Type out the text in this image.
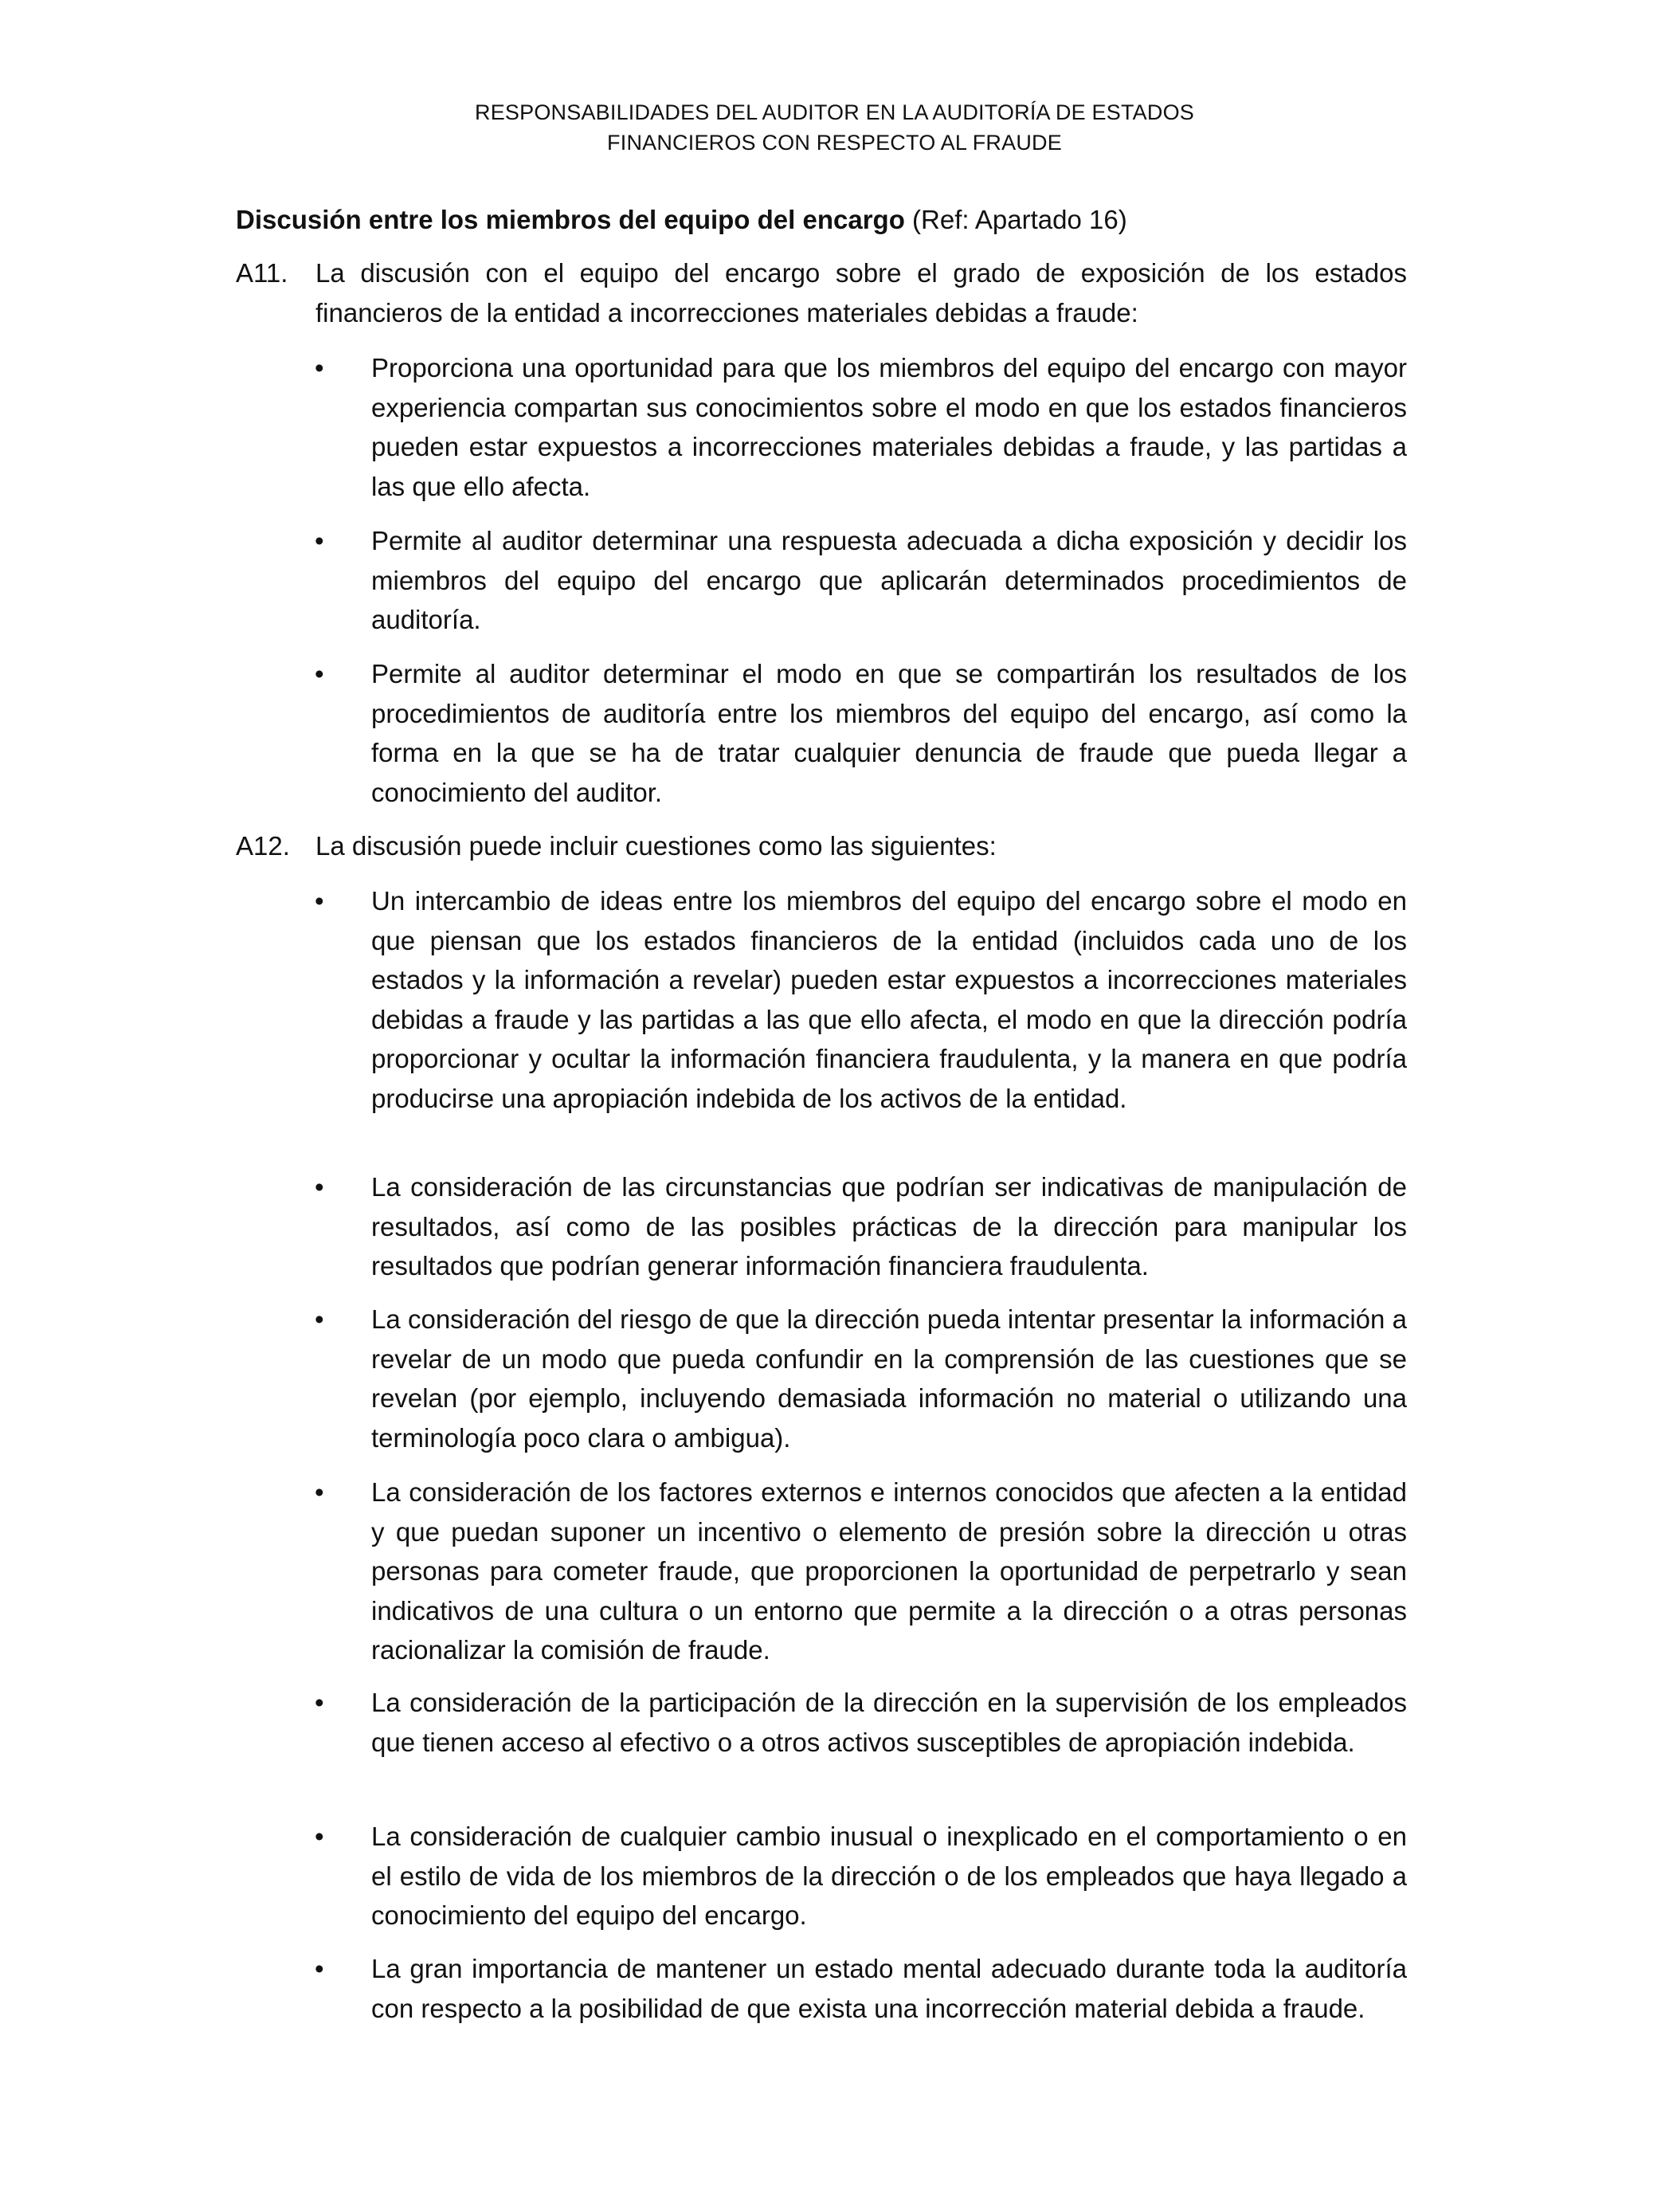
RESPONSABILIDADES DEL AUDITOR EN LA AUDITORÍA DE ESTADOS
FINANCIEROS CON RESPECTO AL FRAUDE
Discusión entre los miembros del equipo del encargo (Ref: Apartado 16)
A11. La discusión con el equipo del encargo sobre el grado de exposición de los estados financieros de la entidad a incorrecciones materiales debidas a fraude:
•	Proporciona una oportunidad para que los miembros del equipo del encargo con mayor experiencia compartan sus conocimientos sobre el modo en que los estados financieros pueden estar expuestos a incorrecciones materiales debidas a fraude, y las partidas a las que ello afecta.
•	Permite al auditor determinar una respuesta adecuada a dicha exposición y decidir los miembros del equipo del encargo que aplicarán determinados procedimientos de auditoría.
•	Permite al auditor determinar el modo en que se compartirán los resultados de los procedimientos de auditoría entre los miembros del equipo del encargo, así como la forma en la que se ha de tratar cualquier denuncia de fraude que pueda llegar a conocimiento del auditor.
A12. La discusión puede incluir cuestiones como las siguientes:
•	Un intercambio de ideas entre los miembros del equipo del encargo sobre el modo en que piensan que los estados financieros de la entidad (incluidos cada uno de los estados y la información a revelar) pueden estar expuestos a incorrecciones materiales debidas a fraude y las partidas a las que ello afecta, el modo en que la dirección podría proporcionar y ocultar la información financiera fraudulenta, y la manera en que podría producirse una apropiación indebida de los activos de la entidad.
•	La consideración de las circunstancias que podrían ser indicativas de manipulación de resultados, así como de las posibles prácticas de la dirección para manipular los resultados que podrían generar información financiera fraudulenta.
•	La consideración del riesgo de que la dirección pueda intentar presentar la información a revelar de un modo que pueda confundir en la comprensión de las cuestiones que se revelan (por ejemplo, incluyendo demasiada información no material o utilizando una terminología poco clara o ambigua).
•	La consideración de los factores externos e internos conocidos que afecten a la entidad y que puedan suponer un incentivo o elemento de presión sobre la dirección u otras personas para cometer fraude, que proporcionen la oportunidad de perpetrarlo y sean indicativos de una cultura o un entorno que permite a la dirección o a otras personas racionalizar la comisión de fraude.
•	La consideración de la participación de la dirección en la supervisión de los empleados que tienen acceso al efectivo o a otros activos susceptibles de apropiación indebida.
•	La consideración de cualquier cambio inusual o inexplicado en el comportamiento o en el estilo de vida de los miembros de la dirección o de los empleados que haya llegado a conocimiento del equipo del encargo.
•	La gran importancia de mantener un estado mental adecuado durante toda la auditoría con respecto a la posibilidad de que exista una incorrección material debida a fraude.
